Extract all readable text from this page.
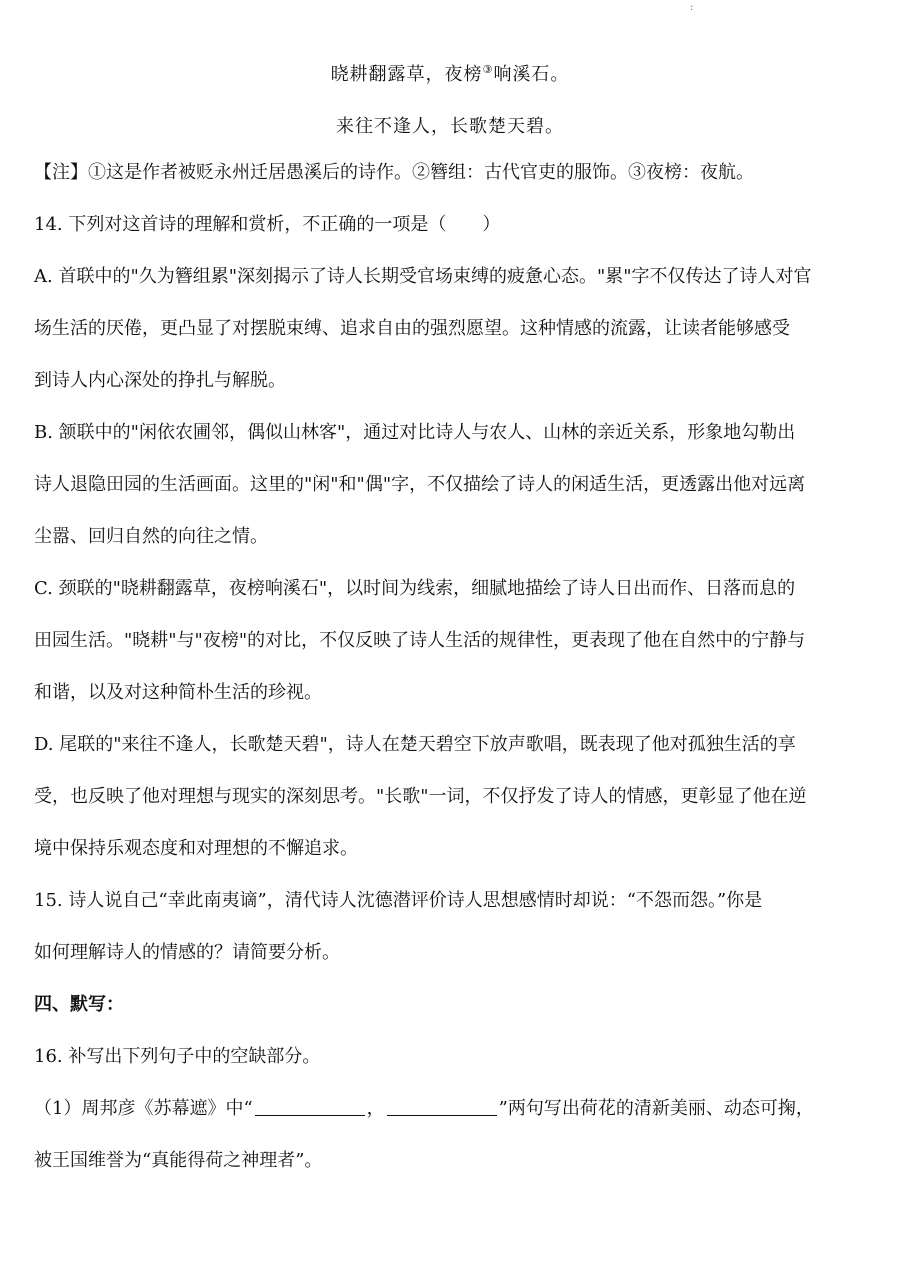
:
晓耕翻露草，夜榜③响溪石。
来往不逢人，长歌楚天碧。
【注】①这是作者被贬永州迁居愚溪后的诗作。②簪组：古代官吏的服饰。③夜榜：夜航。
14. 下列对这首诗的理解和赏析，不正确的一项是（　　）
A. 首联中的"久为簪组累"深刻揭示了诗人长期受官场束缚的疲惫心态。"累"字不仅传达了诗人对官
场生活的厌倦，更凸显了对摆脱束缚、追求自由的强烈愿望。这种情感的流露，让读者能够感受
到诗人内心深处的挣扎与解脱。
B. 颔联中的"闲依农圃邻，偶似山林客"，通过对比诗人与农人、山林的亲近关系，形象地勾勒出
诗人退隐田园的生活画面。这里的"闲"和"偶"字，不仅描绘了诗人的闲适生活，更透露出他对远离
尘嚣、回归自然的向往之情。
C. 颈联的"晓耕翻露草，夜榜响溪石"，以时间为线索，细腻地描绘了诗人日出而作、日落而息的
田园生活。"晓耕"与"夜榜"的对比，不仅反映了诗人生活的规律性，更表现了他在自然中的宁静与
和谐，以及对这种简朴生活的珍视。
D. 尾联的"来往不逢人，长歌楚天碧"，诗人在楚天碧空下放声歌唱，既表现了他对孤独生活的享
受，也反映了他对理想与现实的深刻思考。"长歌"一词，不仅抒发了诗人的情感，更彰显了他在逆
境中保持乐观态度和对理想的不懈追求。
15. 诗人说自己“幸此南夷谪”，清代诗人沈德潜评价诗人思想感情时却说：“不怨而怨。”你是
如何理解诗人的情感的？请简要分析。
四、默写：
16. 补写出下列句子中的空缺部分。
（1）周邦彦《苏幕遮》中“	，	”两句写出荷花的清新美丽、动态可掬，
被王国维誉为“真能得荷之神理者”。
